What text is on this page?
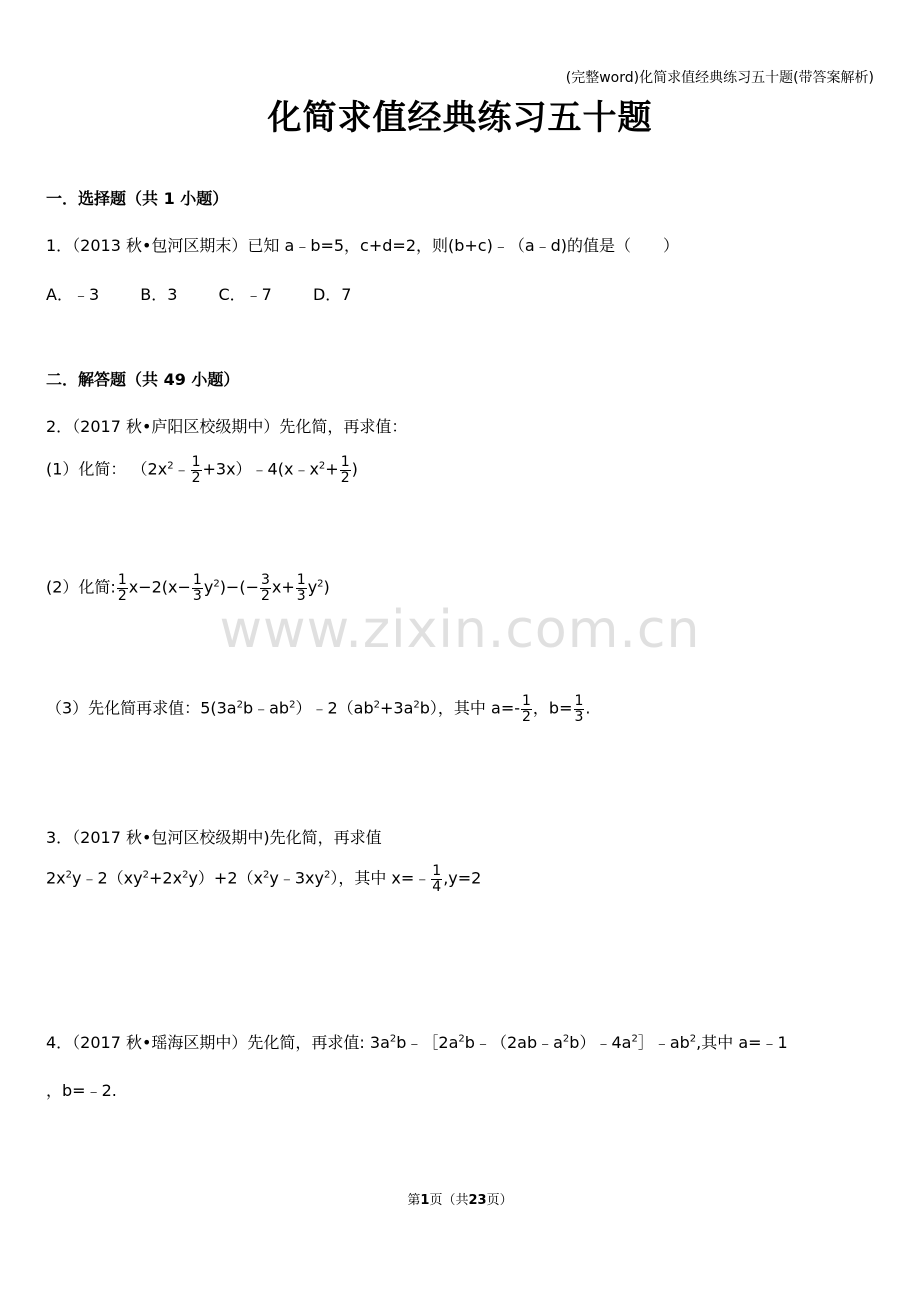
(完整word)化简求值经典练习五十题(带答案解析)
化简求值经典练习五十题
www.zixin.com.cn
一．选择题（共 1 小题）
1．（2013 秋•包河区期末）已知 a﹣b=5，c+d=2，则(b+c)﹣（a﹣d)的值是（　　）
A．﹣3	B．3	C．﹣7	D．7
二．解答题（共 49 小题）
2．（2017 秋•庐阳区校级期中）先化简，再求值：
(1）化简： （$2x^2﹣ \frac{1}{2}$ $+3x)﹣4(x﹣x^2+ \frac{1}{2}$ )
(2）化简: $\frac{1}{2} x-2(x- \frac{1}{3} y^2)-(- \frac{3}{2} x+ \frac{1}{3} y^2)$
（3）先化简再求值：$5(3a^2b﹣ab^2)﹣2(ab^2+3a^2b)$，其中 $a=- \frac{1}{2}$ ，$b= \frac{1}{3}$ .
3．（2017 秋•包河区校级期中)先化简，再求值
$2x^2y﹣2(xy^2+2x^2y)+2(x^2y﹣3xy^2)$，其中 x=﹣ $\frac{1}{4} ,y=2$
4．（2017 秋•瑶海区期中）先化简，再求值: $3a^2b﹣[2a^2b﹣(2ab﹣a^2b)﹣4a^2]﹣ab^2$,其中 a=﹣1
，b=﹣2.
第1页（共23页）
